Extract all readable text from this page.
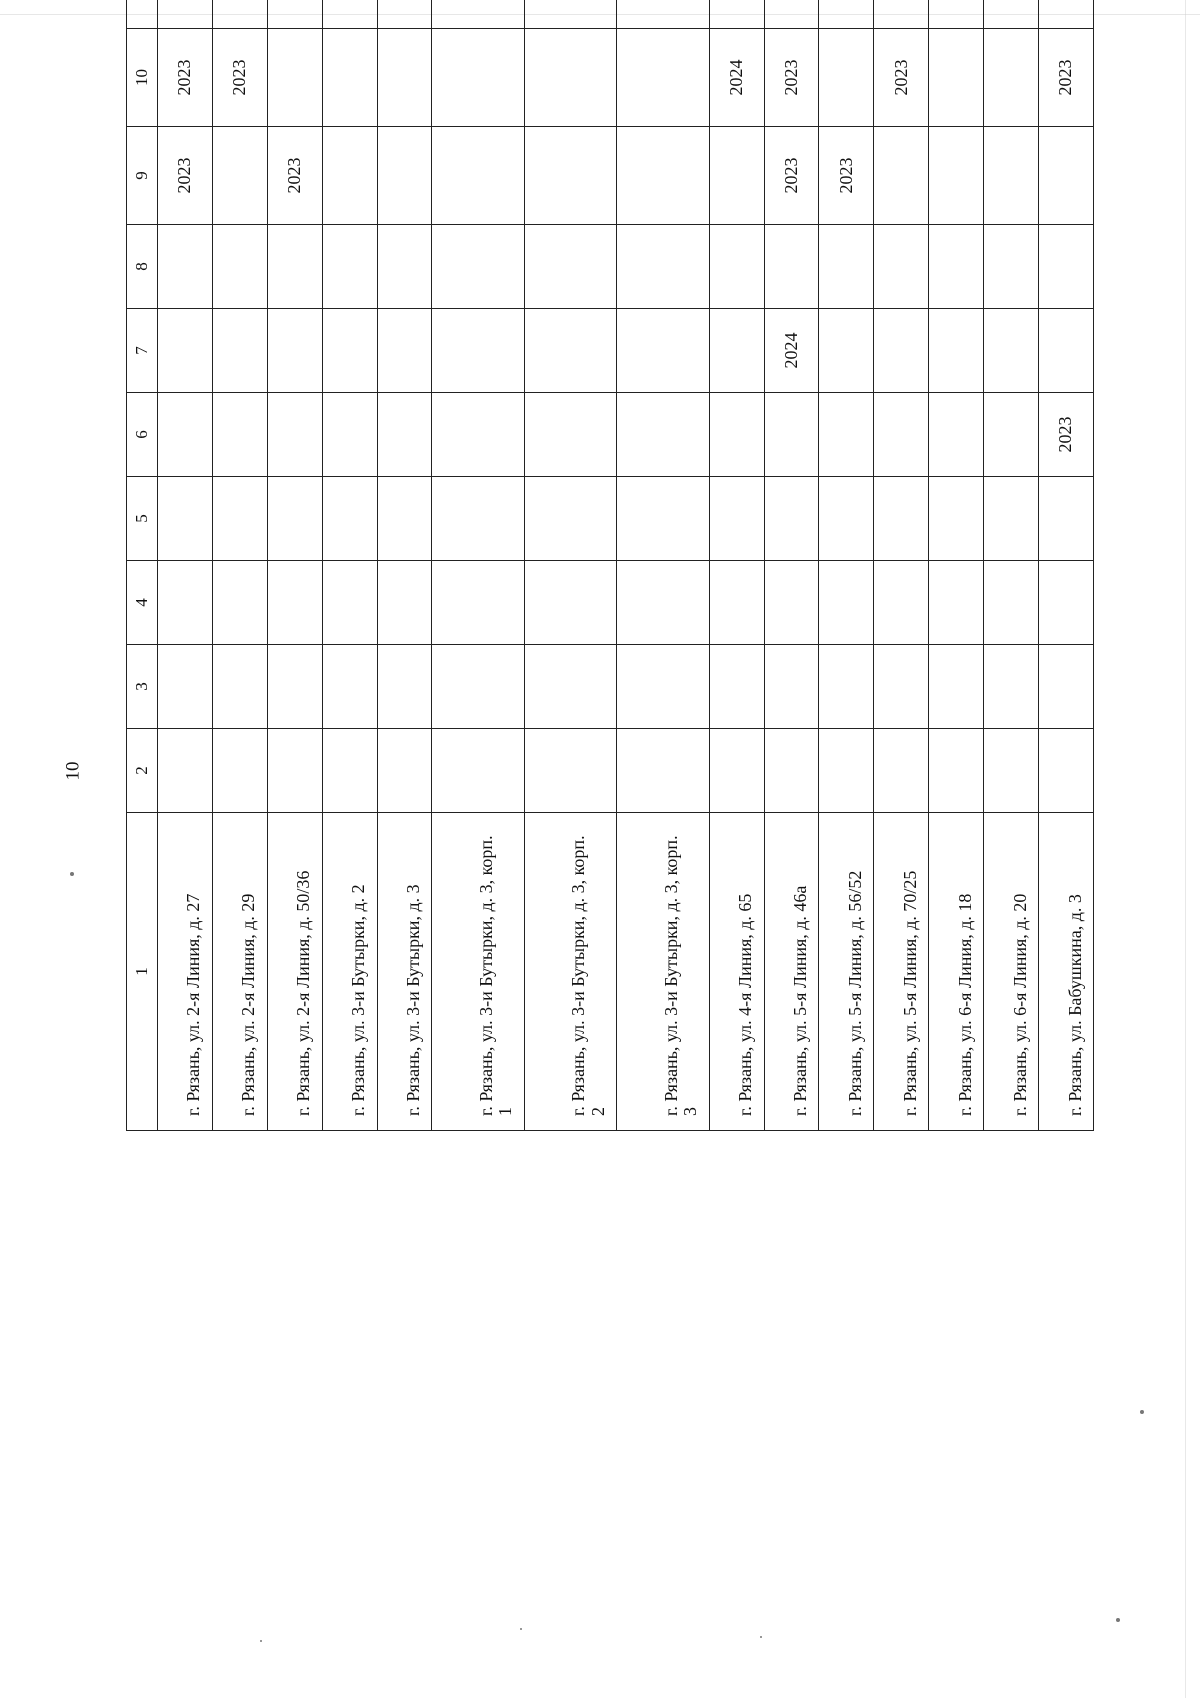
10
1	2	3	4	5	6	7	8	9	10			
г. Рязань, ул. 2-я Линия, д. 27								2023	2023			
г. Рязань, ул. 2-я Линия, д. 29									2023			
г. Рязань, ул. 2-я Линия, д. 50/36								2023				
г. Рязань, ул. 3-и Бутырки, д. 2												
г. Рязань, ул. 3-и Бутырки, д. 3												
г. Рязань, ул. 3-и Бутырки, д. 3, корп. 1												
г. Рязань, ул. 3-и Бутырки, д. 3, корп. 2												
г. Рязань, ул. 3-и Бутырки, д. 3, корп. 3												
г. Рязань, ул. 4-я Линия, д. 65									2024			
г. Рязань, ул. 5-я Линия, д. 46а						2024		2023	2023			
г. Рязань, ул. 5-я Линия, д. 56/52								2023				
г. Рязань, ул. 5-я Линия, д. 70/25									2023			
г. Рязань, ул. 6-я Линия, д. 18												
г. Рязань, ул. 6-я Линия, д. 20												
г. Рязань, ул. Бабушкина, д. 3					2023				2023			
